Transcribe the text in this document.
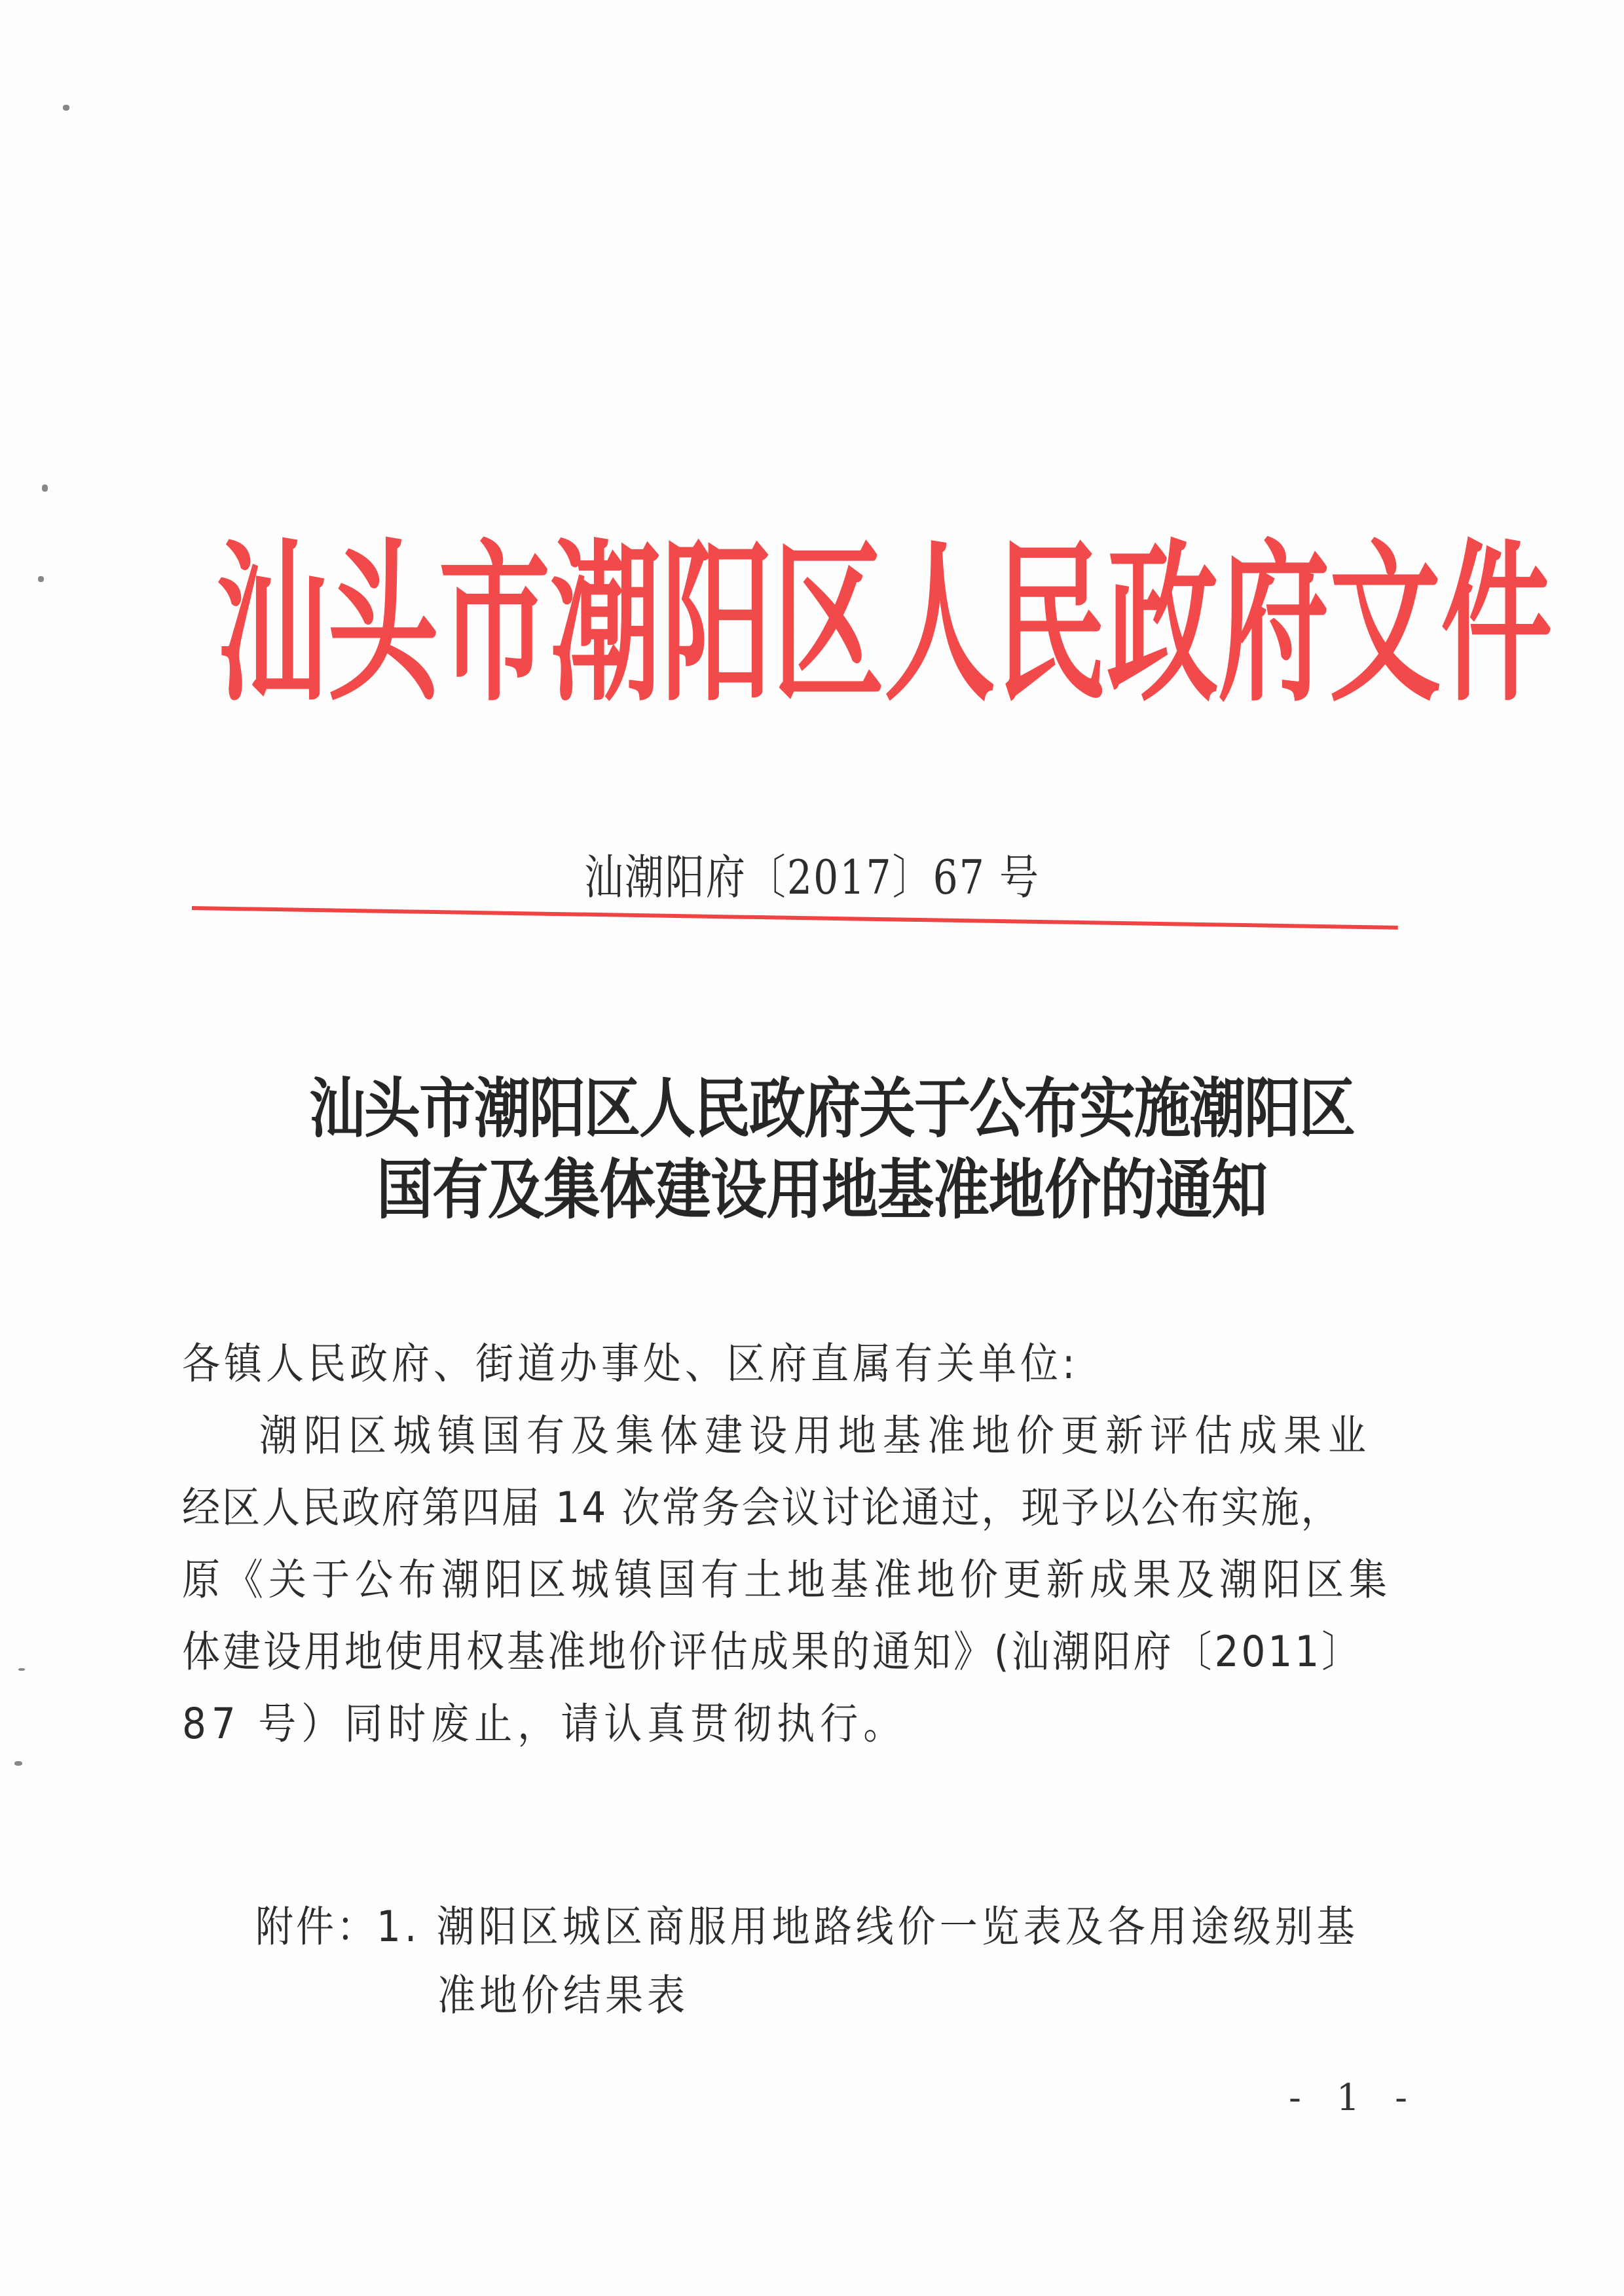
汕 头 市 潮 阳 区 人 民 政 府 文 件
汕潮阳府〔2017〕67 号
汕头市潮阳区人民政府关于公布实施潮阳区
国有及集体建设用地基准地价的通知
各镇人民政府、街道办事处、区府直属有关单位:
潮阳区城镇国有及集体建设用地基准地价更新评估成果业
经区人民政府第四届 14 次常务会议讨论通过，现予以公布实施，
原《关于公布潮阳区城镇国有土地基准地价更新成果及潮阳区集
体建设用地使用权基准地价评估成果的通知》(汕潮阳府〔2011〕
87 号）同时废止，请认真贯彻执行。
附件：
1. 潮阳区城区商服用地路线价一览表及各用途级别基
准地价结果表
- 1 -
